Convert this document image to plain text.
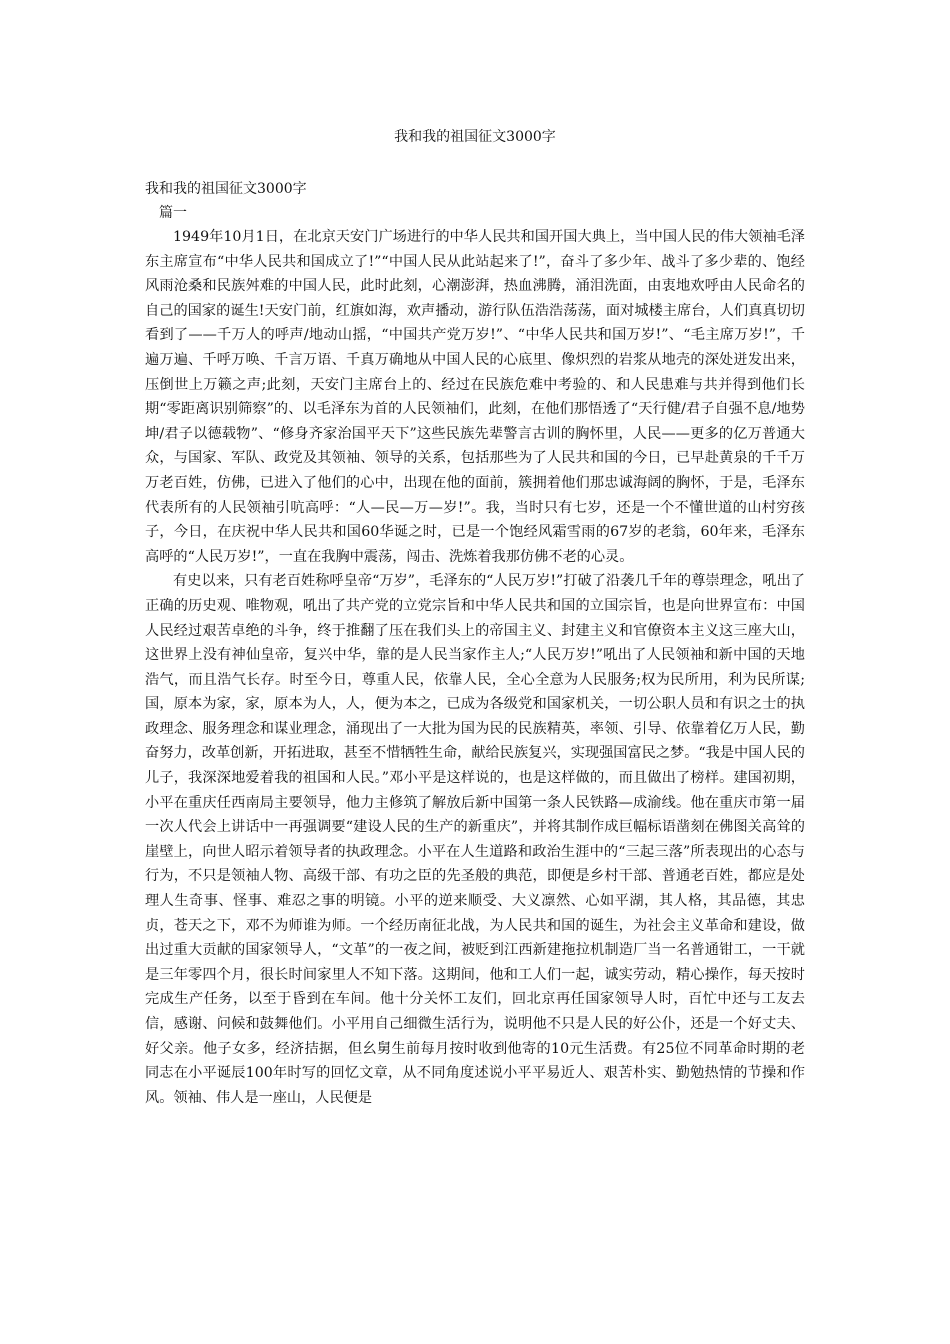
我和我的祖国征文3000字
我和我的祖国征文3000字
篇一

1949年10月1日，在北京天安门广场进行的中华人民共和国开国大典上，当中国人民的伟大领袖毛泽东主席宣布“中华人民共和国成立了!”“中国人民从此站起来了!”，奋斗了多少年、战斗了多少辈的、饱经风雨沧桑和民族舛难的中国人民，此时此刻，心潮澎湃，热血沸腾，涌泪洗面，由衷地欢呼由人民命名的自己的国家的诞生!天安门前，红旗如海，欢声播动，游行队伍浩浩荡荡，面对城楼主席台，人们真真切切看到了——千万人的呼声/地动山摇，“中国共产党万岁!”、“中华人民共和国万岁!”、“毛主席万岁!”，千遍万遍、千呼万唤、千言万语、千真万确地从中国人民的心底里、像炽烈的岩浆从地壳的深处迸发出来，压倒世上万籁之声;此刻，天安门主席台上的、经过在民族危难中考验的、和人民患难与共并得到他们长期“零距离识别筛察”的、以毛泽东为首的人民领袖们，此刻，在他们那悟透了“天行健/君子自强不息/地势坤/君子以德载物”、“修身齐家治国平天下”这些民族先辈警言古训的胸怀里，人民——更多的亿万普通大众，与国家、军队、政党及其领袖、领导的关系，包括那些为了人民共和国的今日，已早赴黄泉的千千万万老百姓，仿佛，已进入了他们的心中，出现在他的面前，簇拥着他们那忠诚海阔的胸怀，于是，毛泽东代表所有的人民领袖引吭高呼：“人—民—万—岁!”。我，当时只有七岁，还是一个不懂世道的山村穷孩子，今日，在庆祝中华人民共和国60华诞之时，已是一个饱经风霜雪雨的67岁的老翁，60年来，毛泽东高呼的“人民万岁!”，一直在我胸中震荡，闯击、洗炼着我那仿佛不老的心灵。

有史以来，只有老百姓称呼皇帝“万岁”，毛泽东的“人民万岁!”打破了沿袭几千年的尊崇理念，吼出了正确的历史观、唯物观，吼出了共产党的立党宗旨和中华人民共和国的立国宗旨，也是向世界宣布：中国人民经过艰苦卓绝的斗争，终于推翻了压在我们头上的帝国主义、封建主义和官僚资本主义这三座大山，这世界上没有神仙皇帝，复兴中华，靠的是人民当家作主人;“人民万岁!”吼出了人民领袖和新中国的天地浩气，而且浩气长存。时至今日，尊重人民，依靠人民，全心全意为人民服务;权为民所用，利为民所谋;国，原本为家，家，原本为人，人，便为本之，已成为各级党和国家机关，一切公职人员和有识之士的执政理念、服务理念和谋业理念，涌现出了一大批为国为民的民族精英，率领、引导、依靠着亿万人民，勤奋努力，改革创新，开拓进取，甚至不惜牺牲生命，献给民族复兴，实现强国富民之梦。“我是中国人民的儿子，我深深地爱着我的祖国和人民。”邓小平是这样说的，也是这样做的，而且做出了榜样。建国初期，小平在重庆任西南局主要领导，他力主修筑了解放后新中国第一条人民铁路—成渝线。他在重庆市第一届一次人代会上讲话中一再强调要“建设人民的生产的新重庆”，并将其制作成巨幅标语凿刻在佛图关高耸的崖壁上，向世人昭示着领导者的执政理念。小平在人生道路和政治生涯中的“三起三落”所表现出的心态与行为，不只是领袖人物、高级干部、有功之臣的先圣般的典范，即便是乡村干部、普通老百姓，都应是处理人生奇事、怪事、难忍之事的明镜。小平的逆来顺受、大义凛然、心如平湖，其人格，其品德，其忠贞，苍天之下，邓不为师谁为师。一个经历南征北战，为人民共和国的诞生，为社会主义革命和建设，做出过重大贡献的国家领导人，“文革”的一夜之间，被贬到江西新建拖拉机制造厂当一名普通钳工，一干就是三年零四个月，很长时间家里人不知下落。这期间，他和工人们一起，诚实劳动，精心操作，每天按时完成生产任务，以至于昏到在车间。他十分关怀工友们，回北京再任国家领导人时，百忙中还与工友去信，感谢、问候和鼓舞他们。小平用自己细微生活行为，说明他不只是人民的好公仆，还是一个好丈夫、好父亲。他子女多，经济拮据，但幺舅生前每月按时收到他寄的10元生活费。有25位不同革命时期的老同志在小平诞辰100年时写的回忆文章，从不同角度述说小平平易近人、艰苦朴实、勤勉热情的节操和作风。领袖、伟人是一座山，人民便是
